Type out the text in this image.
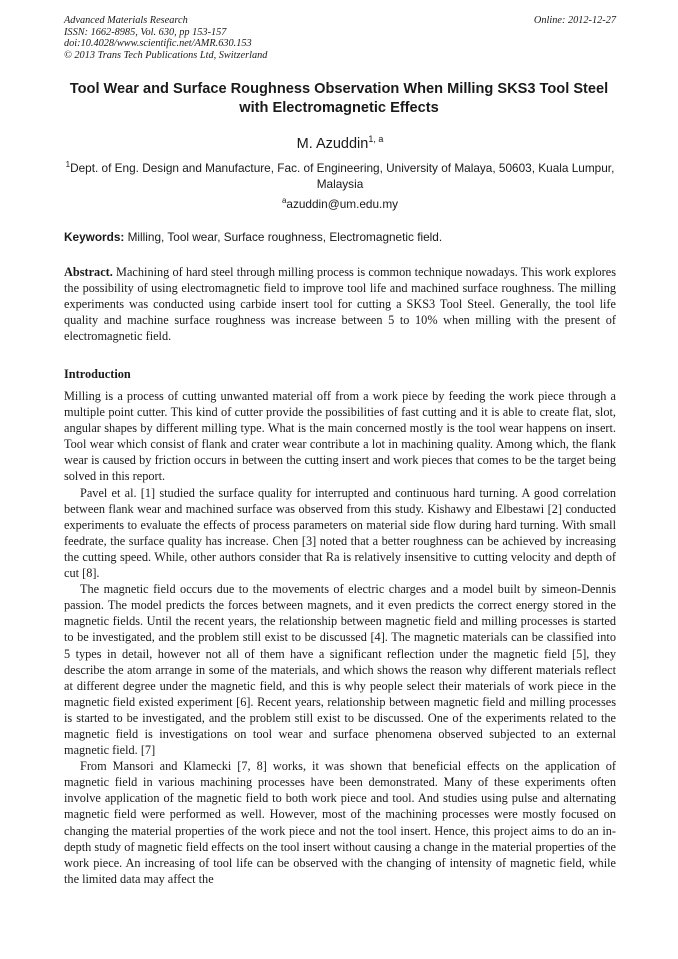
Advanced Materials Research
ISSN: 1662-8985, Vol. 630, pp 153-157
doi:10.4028/www.scientific.net/AMR.630.153
© 2013 Trans Tech Publications Ltd, Switzerland
Online: 2012-12-27
Tool Wear and Surface Roughness Observation When Milling SKS3 Tool Steel with Electromagnetic Effects
M. Azuddin$^{1, a}$
$^1$Dept. of Eng. Design and Manufacture, Fac. of Engineering, University of Malaya, 50603, Kuala Lumpur, Malaysia
$^a$azuddin@um.edu.my
Keywords: Milling, Tool wear, Surface roughness, Electromagnetic field.

Abstract. Machining of hard steel through milling process is common technique nowadays. This work explores the possibility of using electromagnetic field to improve tool life and machined surface roughness. The milling experiments was conducted using carbide insert tool for cutting a SKS3 Tool Steel. Generally, the tool life quality and machine surface roughness was increase between 5 to 10% when milling with the present of electromagnetic field.

Introduction

Milling is a process of cutting unwanted material off from a work piece by feeding the work piece through a multiple point cutter. This kind of cutter provide the possibilities of fast cutting and it is able to create flat, slot, angular shapes by different milling type. What is the main concerned mostly is the tool wear happens on insert. Tool wear which consist of flank and crater wear contribute a lot in machining quality. Among which, the flank wear is caused by friction occurs in between the cutting insert and work pieces that comes to be the target being solved in this report.

Pavel et al. [1] studied the surface quality for interrupted and continuous hard turning. A good correlation between flank wear and machined surface was observed from this study. Kishawy and Elbestawi [2] conducted experiments to evaluate the effects of process parameters on material side flow during hard turning. With small feedrate, the surface quality has increase. Chen [3] noted that a better roughness can be achieved by increasing the cutting speed. While, other authors consider that Ra is relatively insensitive to cutting velocity and depth of cut [8].

The magnetic field occurs due to the movements of electric charges and a model built by simeon-Dennis passion. The model predicts the forces between magnets, and it even predicts the correct energy stored in the magnetic fields. Until the recent years, the relationship between magnetic field and milling processes is started to be investigated, and the problem still exist to be discussed [4]. The magnetic materials can be classified into 5 types in detail, however not all of them have a significant reflection under the magnetic field [5], they describe the atom arrange in some of the materials, and which shows the reason why different materials reflect at different degree under the magnetic field, and this is why people select their materials of work piece in the magnetic field existed experiment [6]. Recent years, relationship between magnetic field and milling processes is started to be investigated, and the problem still exist to be discussed. One of the experiments related to the magnetic field is investigations on tool wear and surface phenomena observed subjected to an external magnetic field. [7]

From Mansori and Klamecki [7, 8] works, it was shown that beneficial effects on the application of magnetic field in various machining processes have been demonstrated. Many of these experiments often involve application of the magnetic field to both work piece and tool. And studies using pulse and alternating magnetic field were performed as well. However, most of the machining processes were mostly focused on changing the material properties of the work piece and not the tool insert. Hence, this project aims to do an in-depth study of magnetic field effects on the tool insert without causing a change in the material properties of the work piece. An increasing of tool life can be observed with the changing of intensity of magnetic field, while the limited data may affect the
